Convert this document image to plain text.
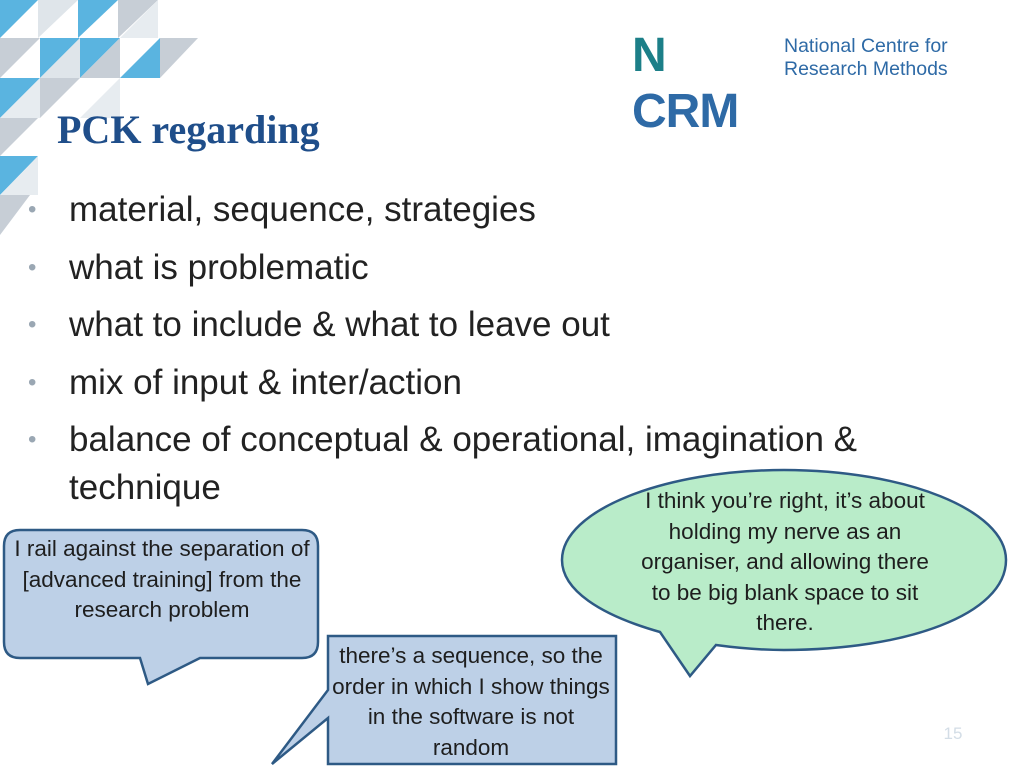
N CRM
National Centre for
Research Methods
PCK regarding
• material, sequence, strategies
• what is problematic
• what to include & what to leave out
• mix of input & inter/action
• balance of conceptual & operational, imagination & technique
I rail against the separation of [advanced training] from the research problem
there’s a sequence, so the order in which I show things in the software is not random
I think you’re right, it’s about holding my nerve as an organiser, and allowing there to be big blank space to sit there.
15
